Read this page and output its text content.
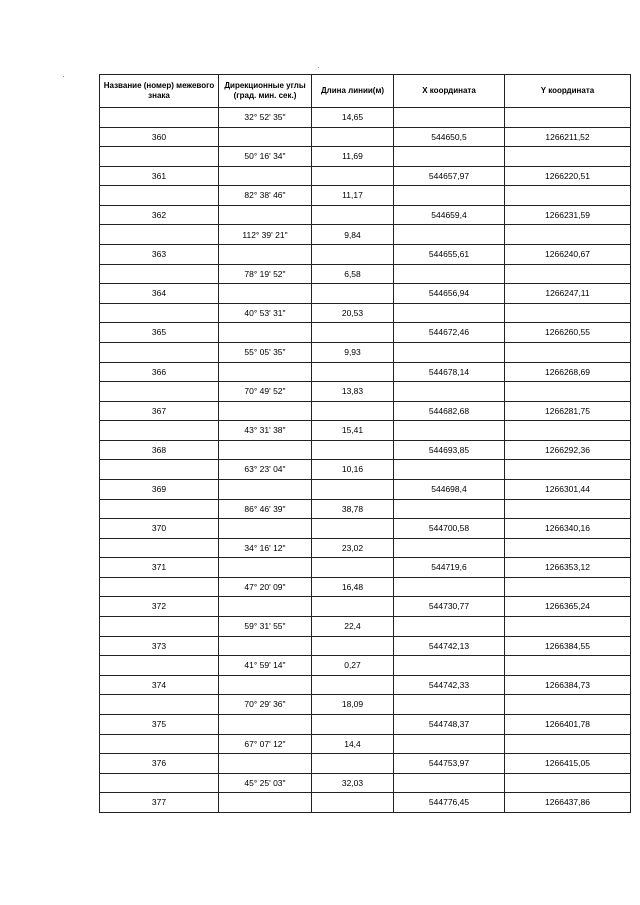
Название (номер) межевого знака	Дирекционные углы (град. мин. сек.)	Длина линии(м)	X координата	Y координата
	32° 52' 35"	14,65		
360			544650,5	1266211,52
	50° 16' 34"	11,69		
361			544657,97	1266220,51
	82° 38' 46"	11,17		
362			544659,4	1266231,59
	112° 39' 21"	9,84		
363			544655,61	1266240,67
	78° 19' 52"	6,58		
364			544656,94	1266247,11
	40° 53' 31"	20,53		
365			544672,46	1266260,55
	55° 05' 35"	9,93		
366			544678,14	1266268,69
	70° 49' 52"	13,83		
367			544682,68	1266281,75
	43° 31' 38"	15,41		
368			544693,85	1266292,36
	63° 23' 04"	10,16		
369			544698,4	1266301,44
	86° 46' 39"	38,78		
370			544700,58	1266340,16
	34° 16' 12"	23,02		
371			544719,6	1266353,12
	47° 20' 09"	16,48		
372			544730,77	1266365,24
	59° 31' 55"	22,4		
373			544742,13	1266384,55
	41° 59' 14"	0,27		
374			544742,33	1266384,73
	70° 29' 36"	18,09		
375			544748,37	1266401,78
	67° 07' 12"	14,4		
376			544753,97	1266415,05
	45° 25' 03"	32,03		
377			544776,45	1266437,86
